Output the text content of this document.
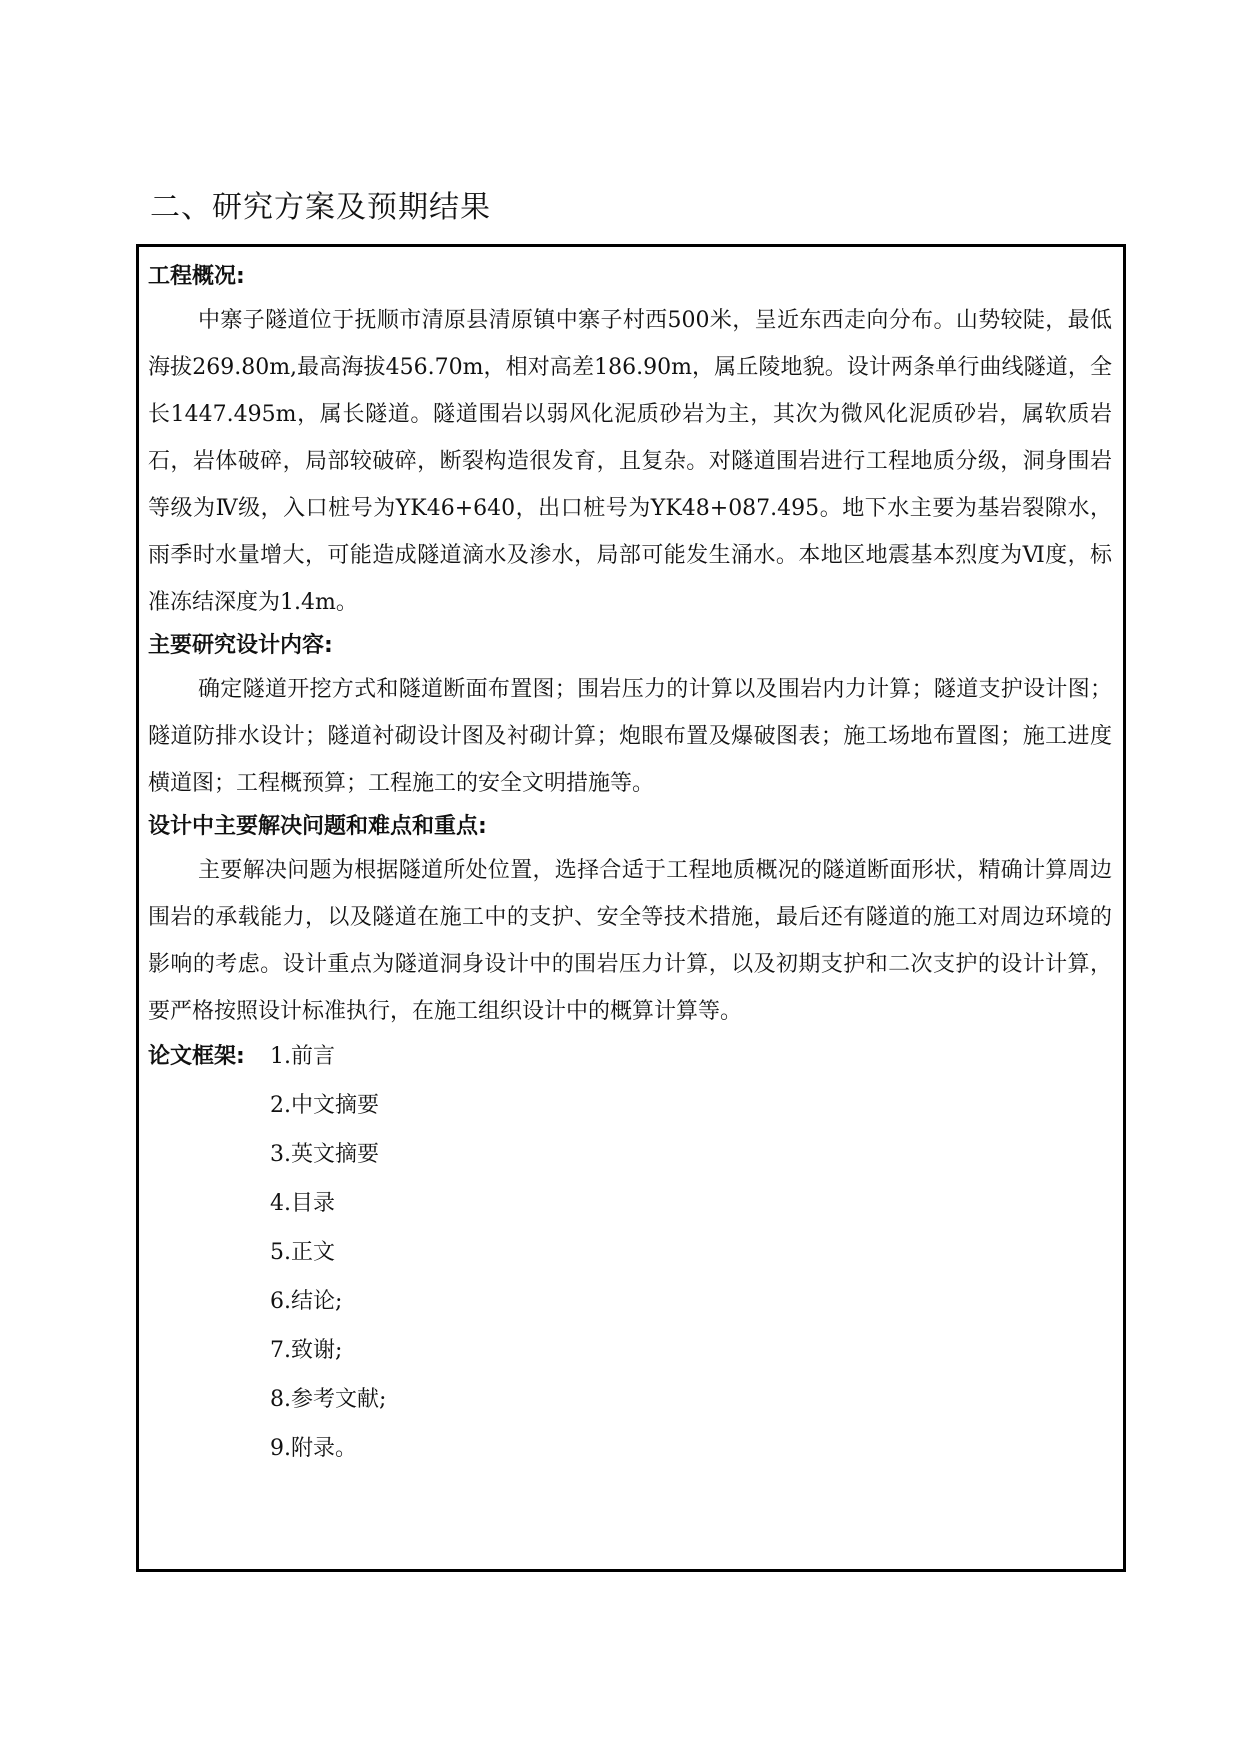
二、研究方案及预期结果
工程概况:

中寨子隧道位于抚顺市清原县清原镇中寨子村西500米，呈近东西走向分布。山势较陡，最低海拔269.80m,最高海拔456.70m，相对高差186.90m，属丘陵地貌。设计两条单行曲线隧道，全长1447.495m，属长隧道。隧道围岩以弱风化泥质砂岩为主，其次为微风化泥质砂岩，属软质岩石，岩体破碎，局部较破碎，断裂构造很发育，且复杂。对隧道围岩进行工程地质分级，洞身围岩等级为Ⅳ级，入口桩号为YK46+640，出口桩号为YK48+087.495。地下水主要为基岩裂隙水，雨季时水量增大，可能造成隧道滴水及渗水，局部可能发生涌水。本地区地震基本烈度为Ⅵ度，标准冻结深度为1.4m。

主要研究设计内容:

确定隧道开挖方式和隧道断面布置图；围岩压力的计算以及围岩内力计算；隧道支护设计图；隧道防排水设计；隧道衬砌设计图及衬砌计算；炮眼布置及爆破图表；施工场地布置图；施工进度横道图；工程概预算；工程施工的安全文明措施等。

设计中主要解决问题和难点和重点:

主要解决问题为根据隧道所处位置，选择合适于工程地质概况的隧道断面形状，精确计算周边围岩的承载能力，以及隧道在施工中的支护、安全等技术措施，最后还有隧道的施工对周边环境的影响的考虑。设计重点为隧道洞身设计中的围岩压力计算，以及初期支护和二次支护的设计计算，要严格按照设计标准执行，在施工组织设计中的概算计算等。

论文框架: 1.前言
2.中文摘要
3.英文摘要
4.目录
5.正文
6.结论;
7.致谢;
8.参考文献;
9.附录。
